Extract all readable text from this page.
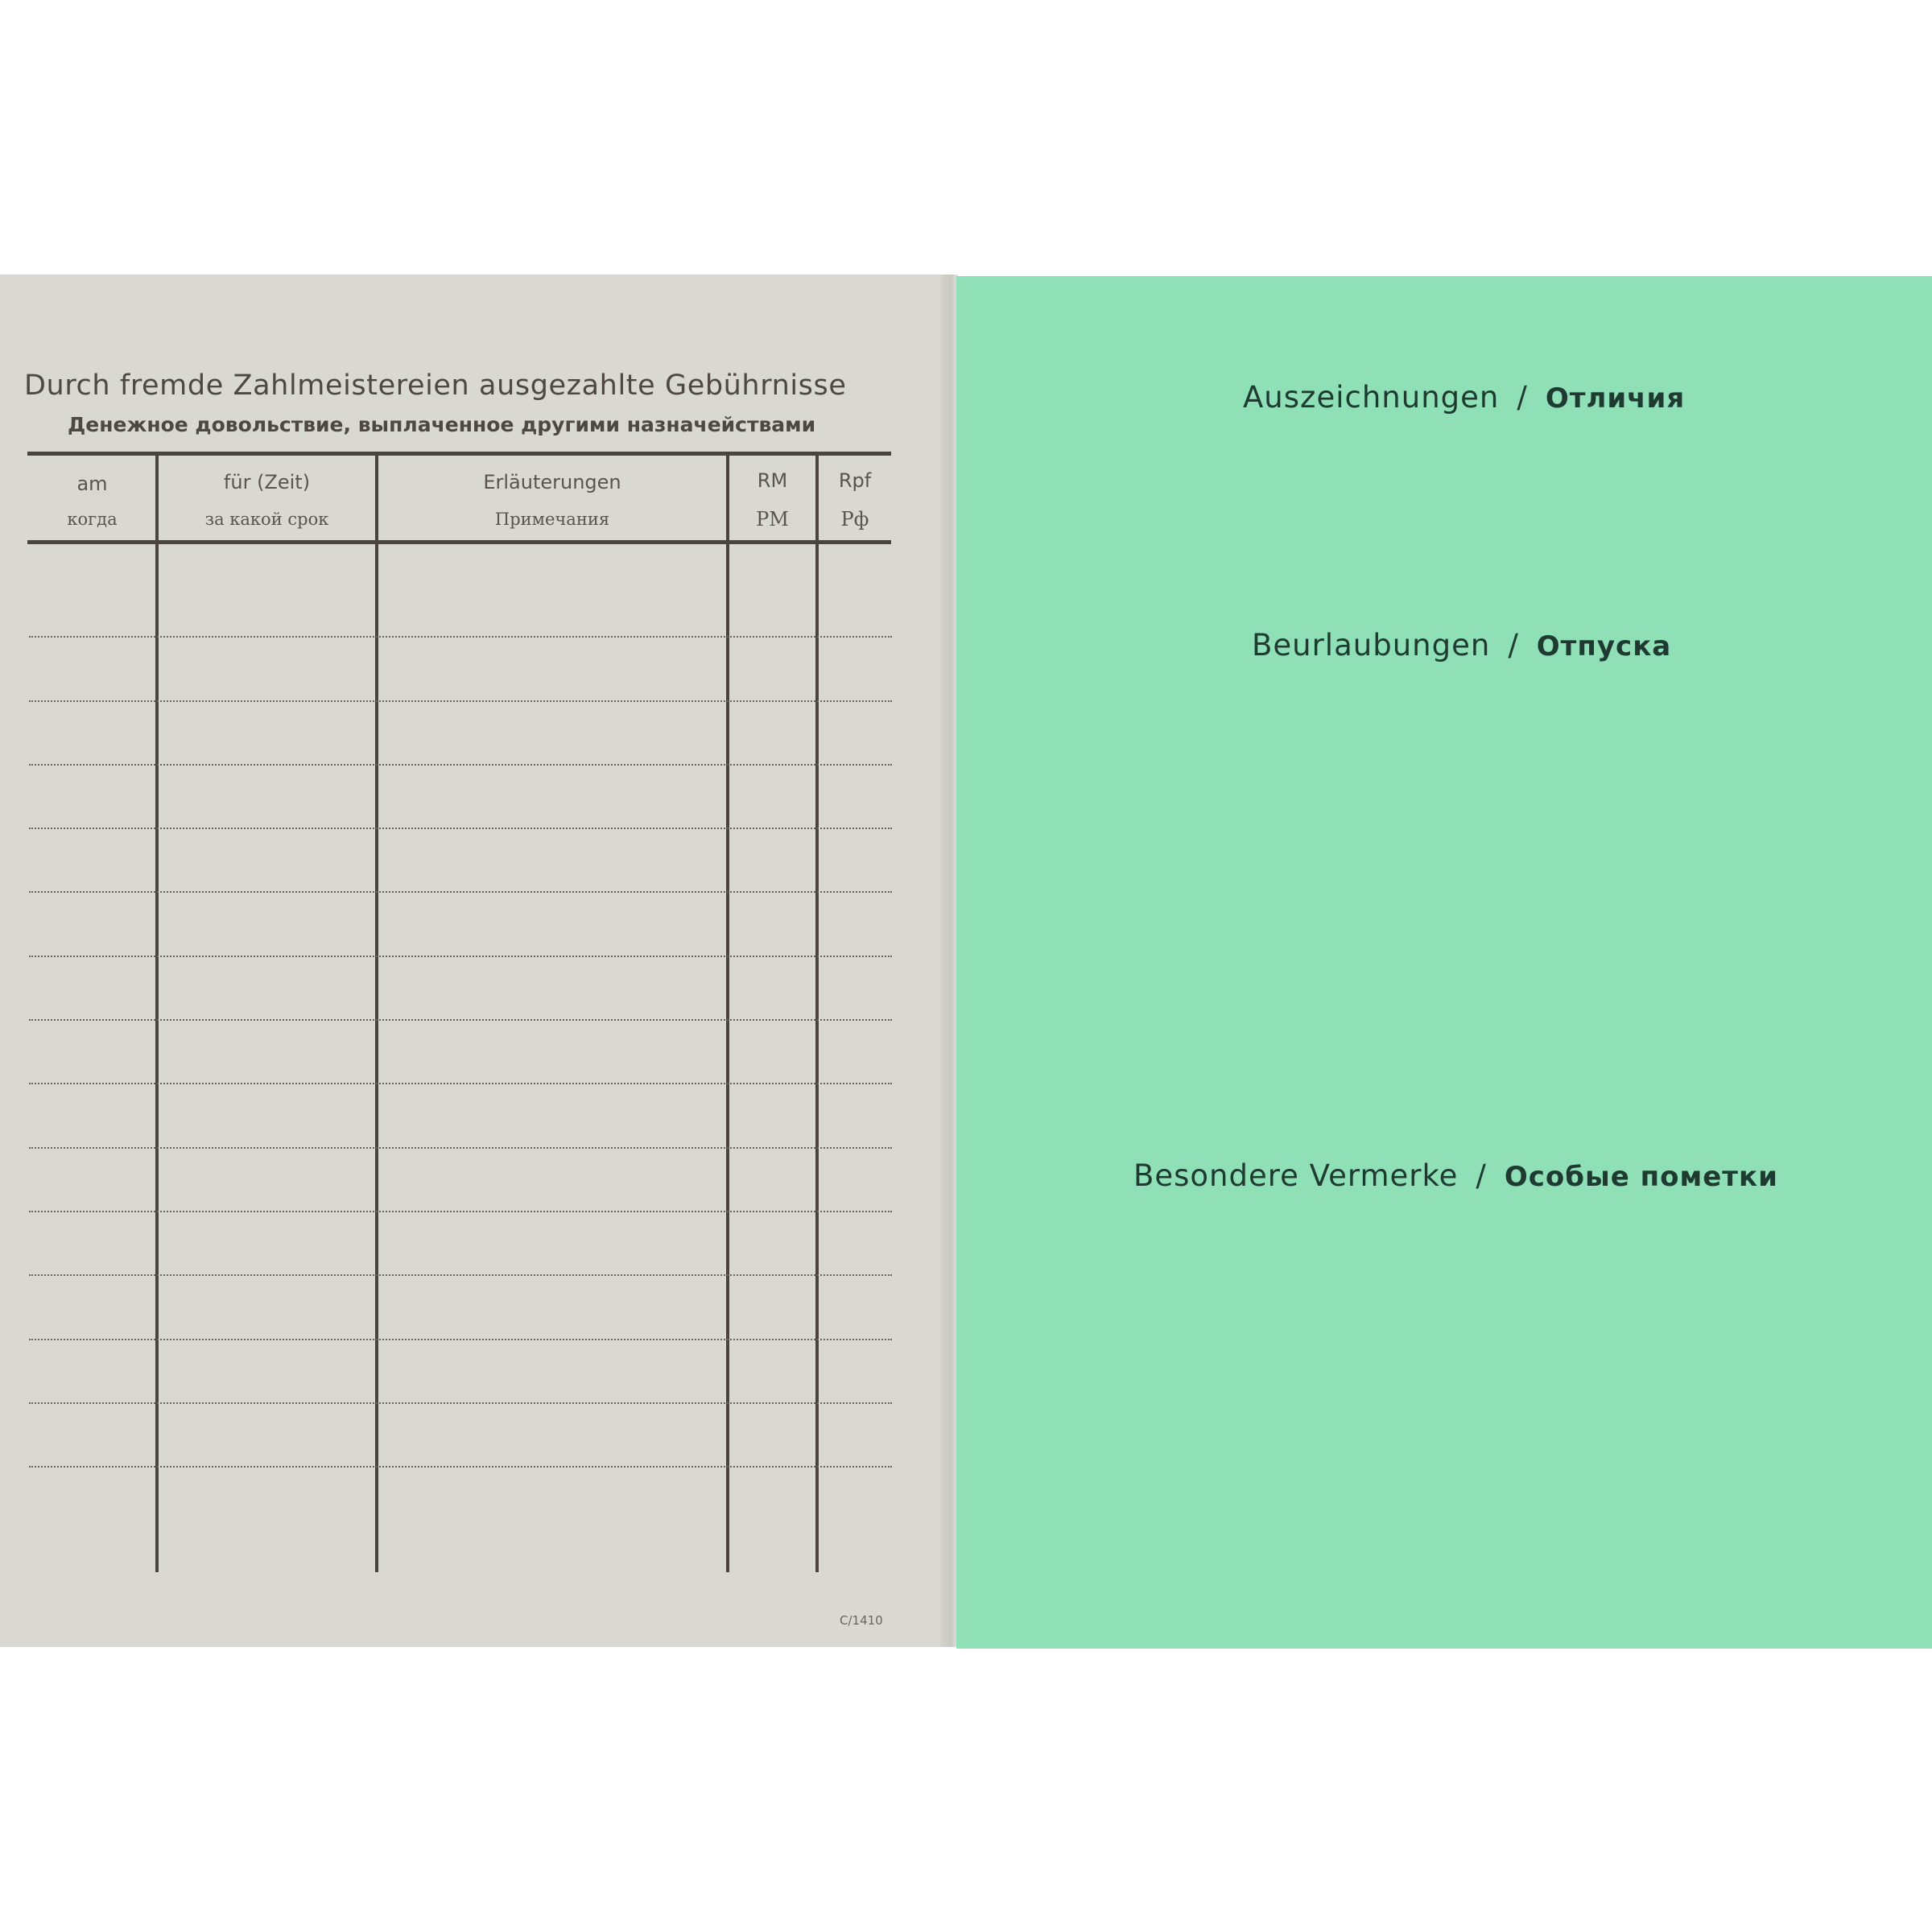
Durch fremde Zahlmeistereien ausgezahlte Gebührnisse
Денежное довольствие, выплаченное другими назначействами
am
когда
für (Zeit)
за какой срок
Erläuterungen
Примечания
RM
PM
Rpf
Рф
C/1410
Auszeichnungen / Отличия
Beurlaubungen / Отпуска
Besondere Vermerke / Особые пометки
